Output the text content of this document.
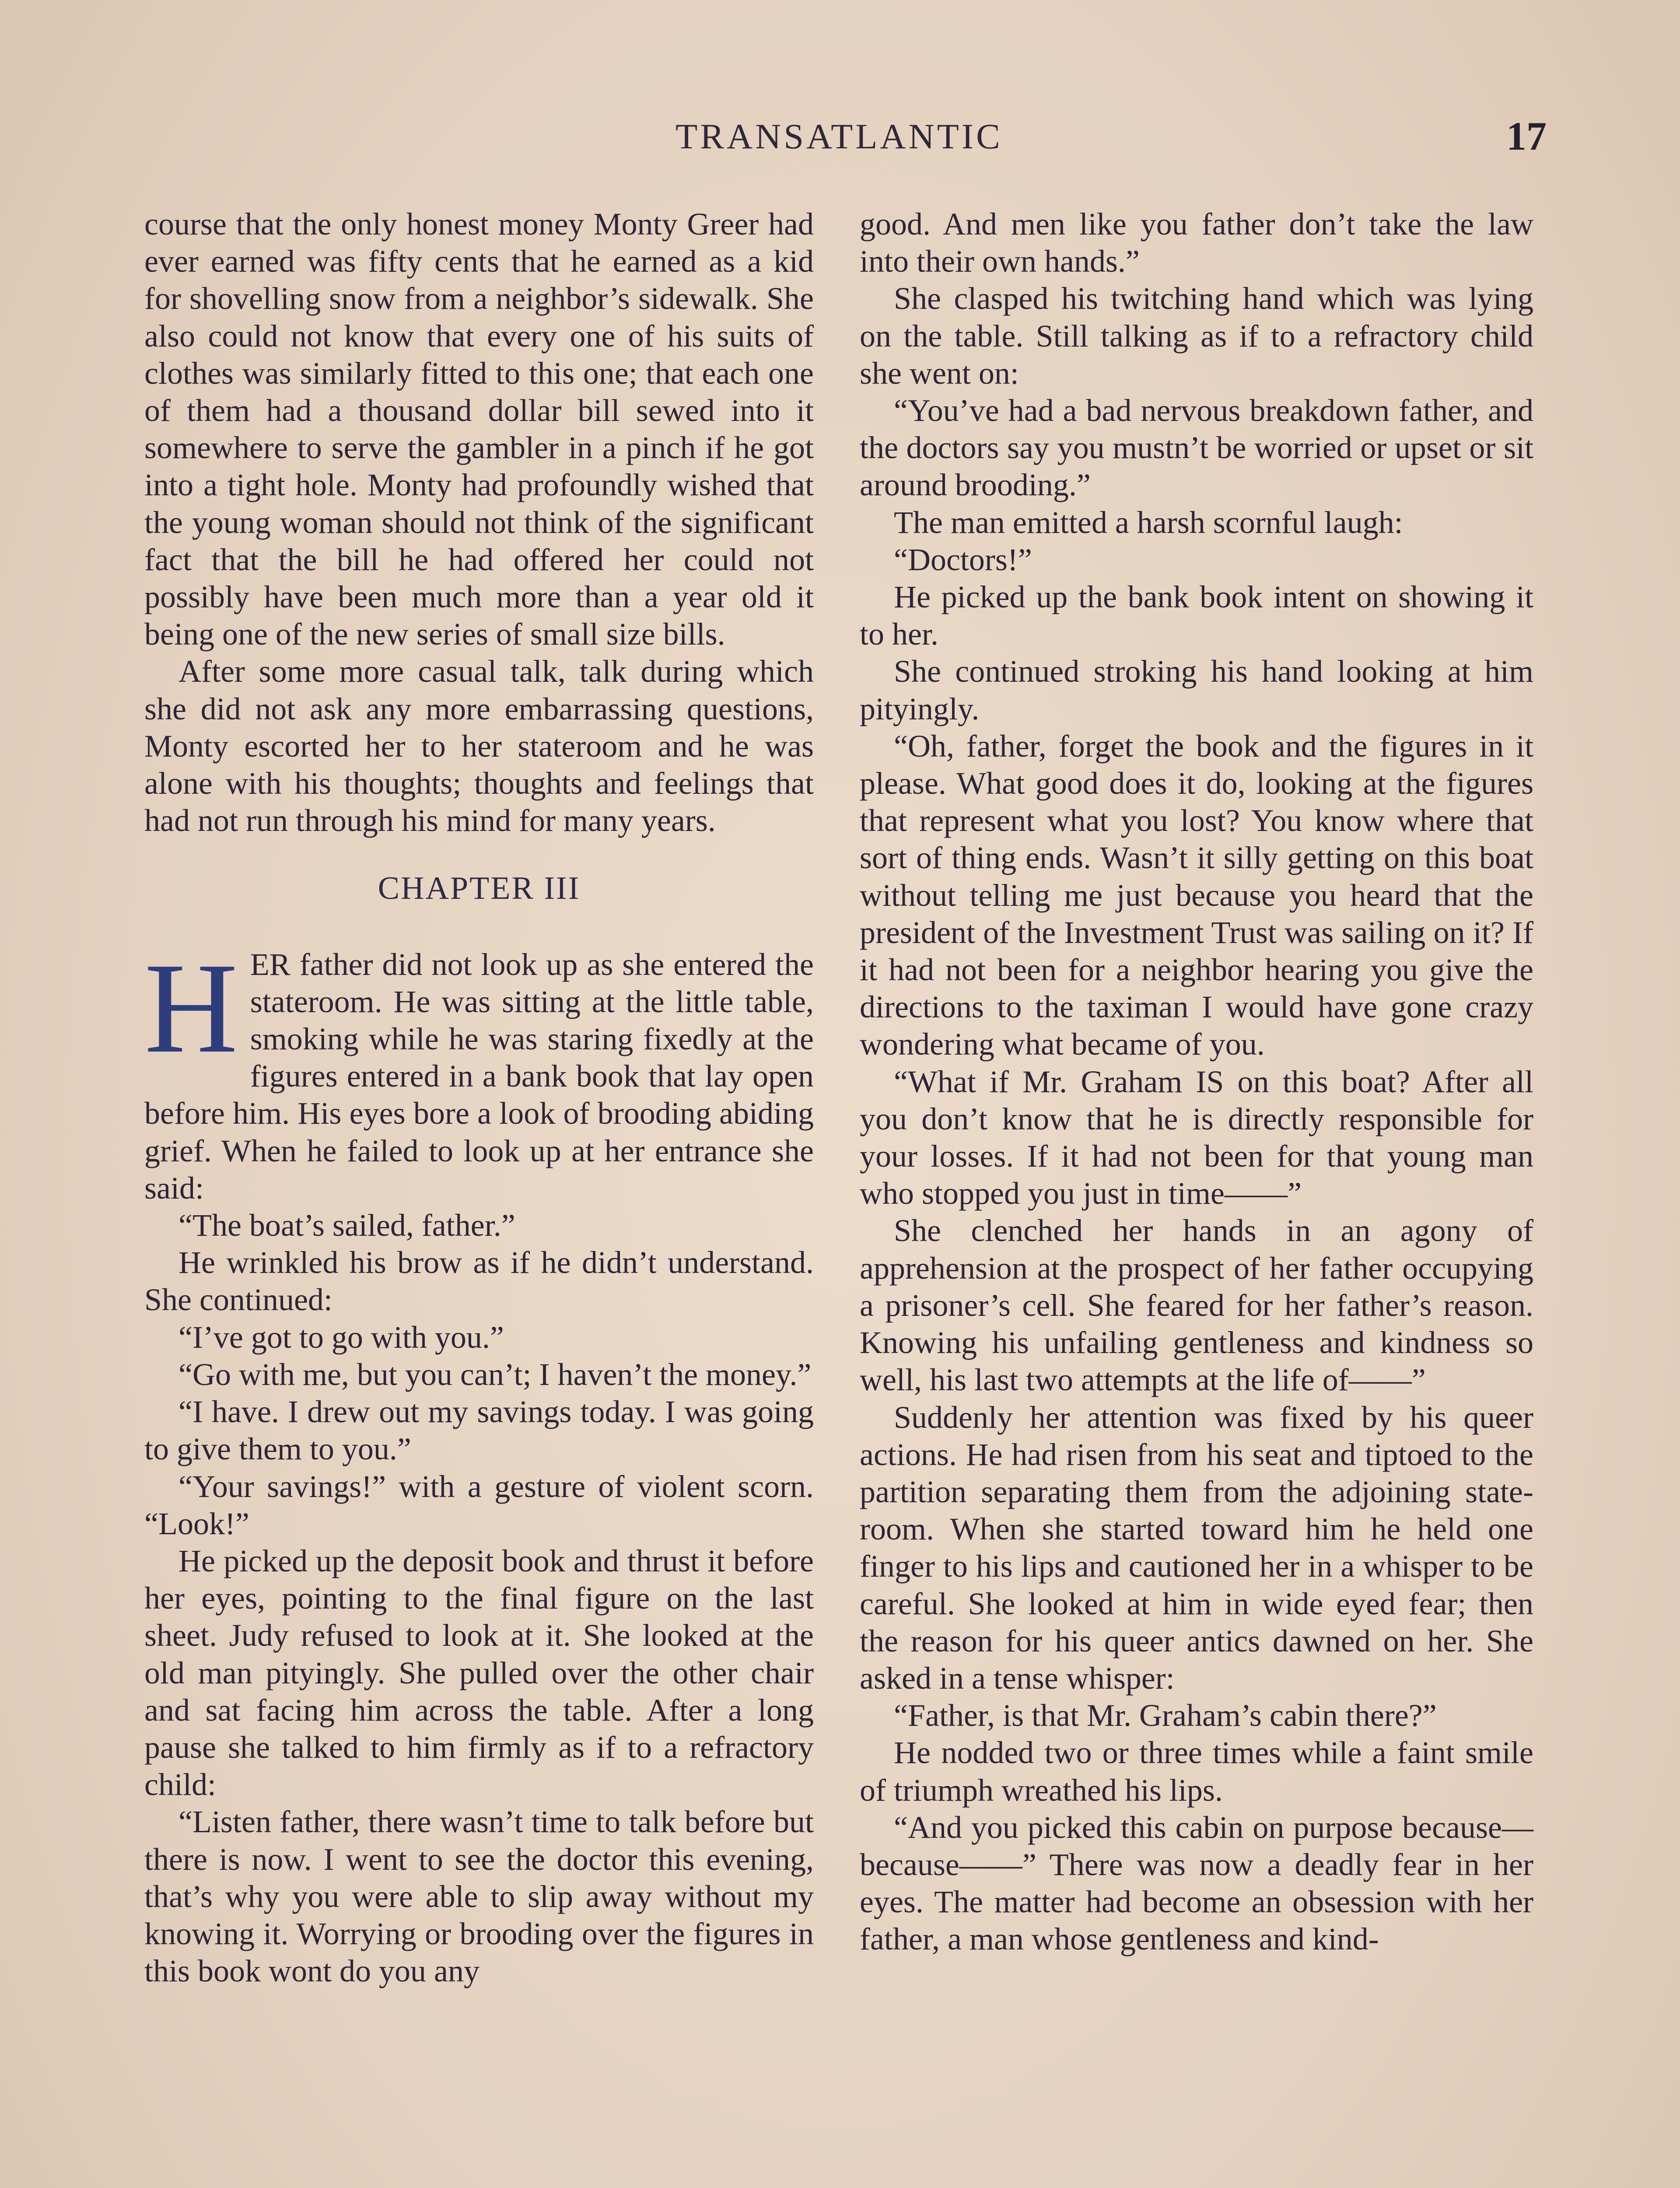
TRANSATLANTIC	17

course that the only honest money Monty Greer had ever earned was fifty cents that he earned as a kid for shovelling snow from a neighbor’s sidewalk. She also could not know that every one of his suits of clothes was similarly fitted to this one; that each one of them had a thousand dollar bill sewed into it somewhere to serve the gambler in a pinch if he got into a tight hole. Monty had profoundly wished that the young woman should not think of the significant fact that the bill he had offered her could not possibly have been much more than a year old it being one of the new series of small size bills.

After some more casual talk, talk during which she did not ask any more embarrassing questions, Monty escorted her to her stateroom and he was alone with his thoughts; thoughts and feelings that had not run through his mind for many years.

CHAPTER III

HER father did not look up as she entered the stateroom. He was sitting at the little table, smoking while he was staring fixedly at the figures entered in a bank book that lay open before him. His eyes bore a look of brooding abiding grief. When he failed to look up at her entrance she said:

“The boat’s sailed, father.”

He wrinkled his brow as if he didn’t understand. She continued:

“I’ve got to go with you.”

“Go with me, but you can’t; I haven’t the money.”

“I have. I drew out my savings today. I was going to give them to you.”

“Your savings!” with a gesture of violent scorn. “Look!”

He picked up the deposit book and thrust it before her eyes, pointing to the final figure on the last sheet. Judy refused to look at it. She looked at the old man pityingly. She pulled over the other chair and sat facing him across the table. After a long pause she talked to him firmly as if to a refractory child:

“Listen father, there wasn’t time to talk before but there is now. I went to see the doctor this evening, that’s why you were able to slip away without my knowing it. Worrying or brooding over the figures in this book wont do you any

good. And men like you father don’t take the law into their own hands.”

She clasped his twitching hand which was lying on the table. Still talking as if to a refractory child she went on:

“You’ve had a bad nervous breakdown father, and the doctors say you mustn’t be worried or upset or sit around brooding.”

The man emitted a harsh scornful laugh:

“Doctors!”

He picked up the bank book intent on showing it to her.

She continued stroking his hand looking at him pityingly.

“Oh, father, forget the book and the figures in it please. What good does it do, looking at the figures that represent what you lost? You know where that sort of thing ends. Wasn’t it silly getting on this boat without telling me just because you heard that the president of the Investment Trust was sailing on it? If it had not been for a neighbor hearing you give the directions to the taximan I would have gone crazy wondering what became of you.

“What if Mr. Graham IS on this boat? After all you don’t know that he is directly responsible for your losses. If it had not been for that young man who stopped you just in time——”

She clenched her hands in an agony of apprehension at the prospect of her father occupying a prisoner’s cell. She feared for her father’s reason. Knowing his unfailing gentleness and kindness so well, his last two attempts at the life of——”

Suddenly her attention was fixed by his queer actions. He had risen from his seat and tiptoed to the partition separating them from the adjoining stateroom. When she started toward him he held one finger to his lips and cautioned her in a whisper to be careful. She looked at him in wide eyed fear; then the reason for his queer antics dawned on her. She asked in a tense whisper:

“Father, is that Mr. Graham’s cabin there?”

He nodded two or three times while a faint smile of triumph wreathed his lips.

“And you picked this cabin on purpose because—because——” There was now a deadly fear in her eyes. The matter had become an obsession with her father, a man whose gentleness and kind-
